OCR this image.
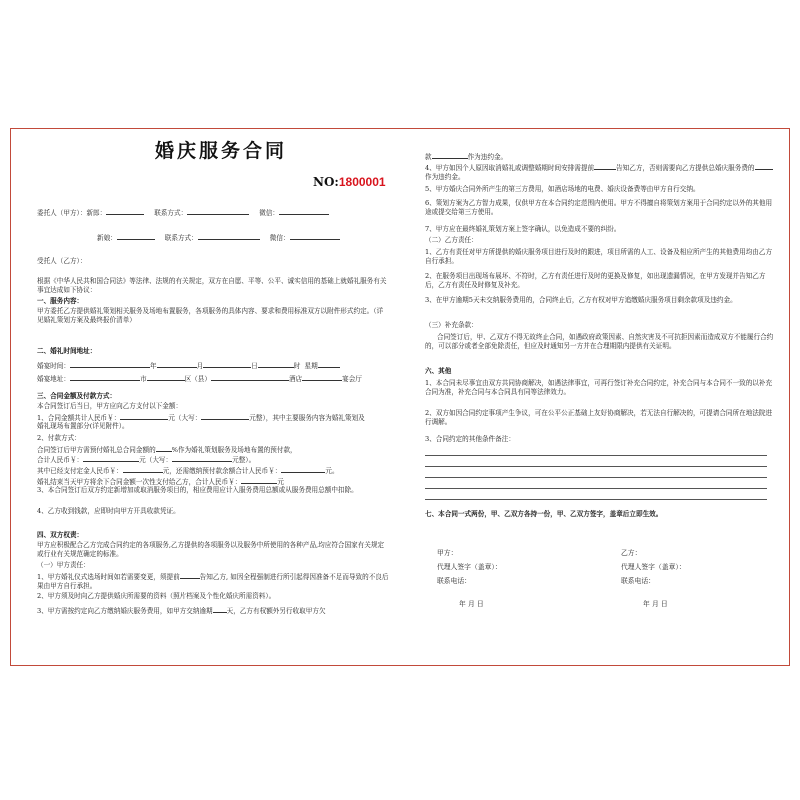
婚庆服务合同
NO:1800001
委托人（甲方）：新郎：	联系方式：	微信：
新娘：	联系方式：	微信：
受托人（乙方）：

根据《中华人民共和国合同法》等法律、法规的有关规定，双方在自愿、平等、公平、诚实信用的基础上就婚礼服务有关事宜达成如下协议：

一、服务内容：

甲方委托乙方提供婚礼策划相关服务及场地布置服务，各项服务的具体内容、要求和费用标准双方以附件形式约定。（详见婚礼策划方案及最终报价清单）

二、婚礼时间地址：

婚宴时间：	年	月	日	时 星期
婚宴地址：	市	区（县）	酒店	宴会厅

三、合同金额及付款方式：

本合同签订后当日，甲方应向乙方支付以下金额：

1、合同金额共计人民币￥：	元（大写：	元整），其中主要服务内容为婚礼策划及

婚礼现场布置部分(详见附件）。

2、付款方式：

合同签订后甲方需预付婚礼总合同金额的 %作为婚礼策划服务及场地布置的预付款，
合计人民币￥：	元（大写：	元整）。
其中已经支付定金人民币￥：	元，还需缴纳预付款余额合计人民币￥：	元。
婚礼结束当天甲方将余下合同金额一次性支付给乙方，合计人民币￥：	元

3、本合同签订后双方约定新增加或取消服务项目的，相应费用应计入服务费用总额或从服务费用总额中扣除。

4、乙方收到钱款，应即时向甲方开具收款凭证。

四、双方权责：

甲方应积极配合乙方完成合同约定的各项服务,乙方提供的各项服务以及服务中所使用的各种产品,均应符合国家有关规定或行业有关规范确定的标准。

（一）甲方责任：

1、甲方婚礼仪式选场时间如若需要变更，须提前	告知乙方, 如因全程强制进行所引起得因准备不足而导致的不良后果由甲方自行承担。

2、甲方须及时向乙方提供婚庆所需要的资料（照片档案及个性化婚庆所需资料）。

3、甲方需按约定向乙方缴纳婚庆服务费用，如甲方交纳逾期 天，乙方有权额外另行收取甲方欠
款	作为违约金。
4、甲方如因个人原因取消婚礼或调整婚期时间安排需提前	告知乙方，否则需要向乙方提供总婚庆服务费的作为违约金。

5、甲方婚庆合同外所产生的第三方费用，如酒店场地的电费、婚庆设备费等由甲方自行交纳。

6、策划方案为乙方智力成果，仅供甲方在本合同约定范围内使用。甲方不得擅自将策划方案用于合同约定以外的其他用途或提交给第三方使用。

7、甲方应在最终婚礼策划方案上签字确认，以免造成不要的纠纷。

（二）乙方责任：

1、乙方有责任对甲方所提供的婚庆服务项目进行及时的跟进，项目所需的人工、设备及相应所产生的其他费用均由乙方自行承担。

2、在服务项目出现场布展坏、不符时，乙方有责任进行及时的更换及修复，如出现遗漏情况，在甲方发现并告知乙方后，乙方有责任及时修复及补充。

3、在甲方逾期5天未交纳服务费用的，合同终止后，乙方有权对甲方追缴婚庆服务项目剩余款项及违约金。

（三）补充条款：

合同签订后，甲、乙双方不得无故终止合同，如遇政府政策因素、自然灾害及不可抗拒因素而造成双方不能履行合约的，可以部分或者全部免除责任，但应及时通知另一方并在合理期限内提供有关证明。

六、其他

1、本合同未尽事宜由双方共同协商解决，如遇法律事宜，可再行签订补充合同约定，补充合同与本合同不一致的以补充合同为准，补充合同与本合同具有同等法律效力。

2、双方如因合同约定事项产生争议，可在公平公正基础上友好协商解决，若无法自行解决的，可提请合同所在地法院进行调解。

3、合同约定的其他条件备注：

七、本合同一式两份，甲、乙双方各持一份，甲、乙双方签字，盖章后立即生效。

甲方：	乙方：
代理人签字（盖章）：	代理人签字（盖章）：
联系电话：	联系电话：
年 月 日	年 月 日
